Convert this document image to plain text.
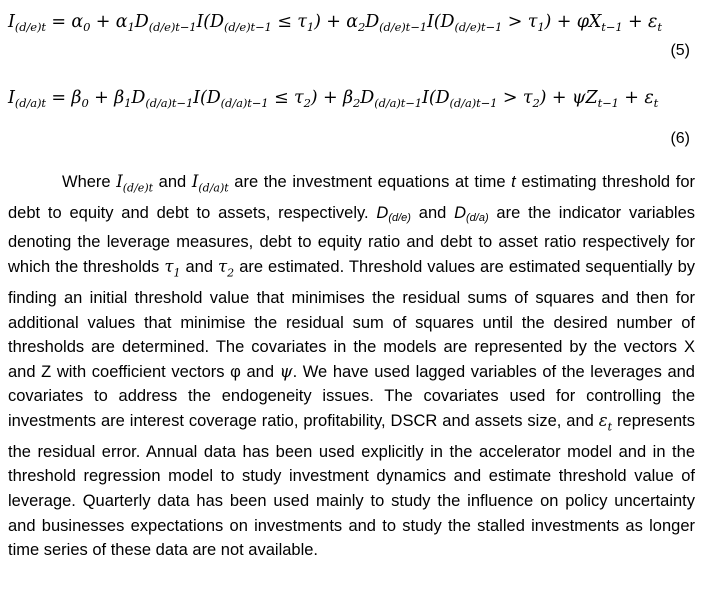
$I_{(d/e)t} = \alpha_0 + \alpha_1D_{(d/e)t-1}I(D_{(d/e)t-1} \le \tau_1) + \alpha_2D_{(d/e)t-1}I(D_{(d/e)t-1} > \tau_1) + \varphi X_{t-1} + \varepsilon_t$
(5)
$I_{(d/a)t} = \beta_0 + \beta_1D_{(d/a)t-1}I(D_{(d/a)t-1} \le \tau_2) + \beta_2D_{(d/a)t-1}I(D_{(d/a)t-1} > \tau_2) + \psi Z_{t-1} + \varepsilon_t$
(6)

Where $I_{(d/e)t}$ and $I_{(d/a)t}$ are the investment equations at time t estimating threshold for debt to equity and debt to assets, respectively. D(d/e) and D(d/a) are the indicator variables denoting the leverage measures, debt to equity ratio and debt to asset ratio respectively for which the thresholds $\tau_1$ and $\tau_2$ are estimated. Threshold values are estimated sequentially by finding an initial threshold value that minimises the residual sums of squares and then for additional values that minimise the residual sum of squares until the desired number of thresholds are determined. The covariates in the models are represented by the vectors X and Z with coefficient vectors φ and ψ. We have used lagged variables of the leverages and covariates to address the endogeneity issues. The covariates used for controlling the investments are interest coverage ratio, profitability, DSCR and assets size, and $\varepsilon_t$ represents the residual error. Annual data has been used explicitly in the accelerator model and in the threshold regression model to study investment dynamics and estimate threshold value of leverage. Quarterly data has been used mainly to study the influence on policy uncertainty and businesses expectations on investments and to study the stalled investments as longer time series of these data are not available.
